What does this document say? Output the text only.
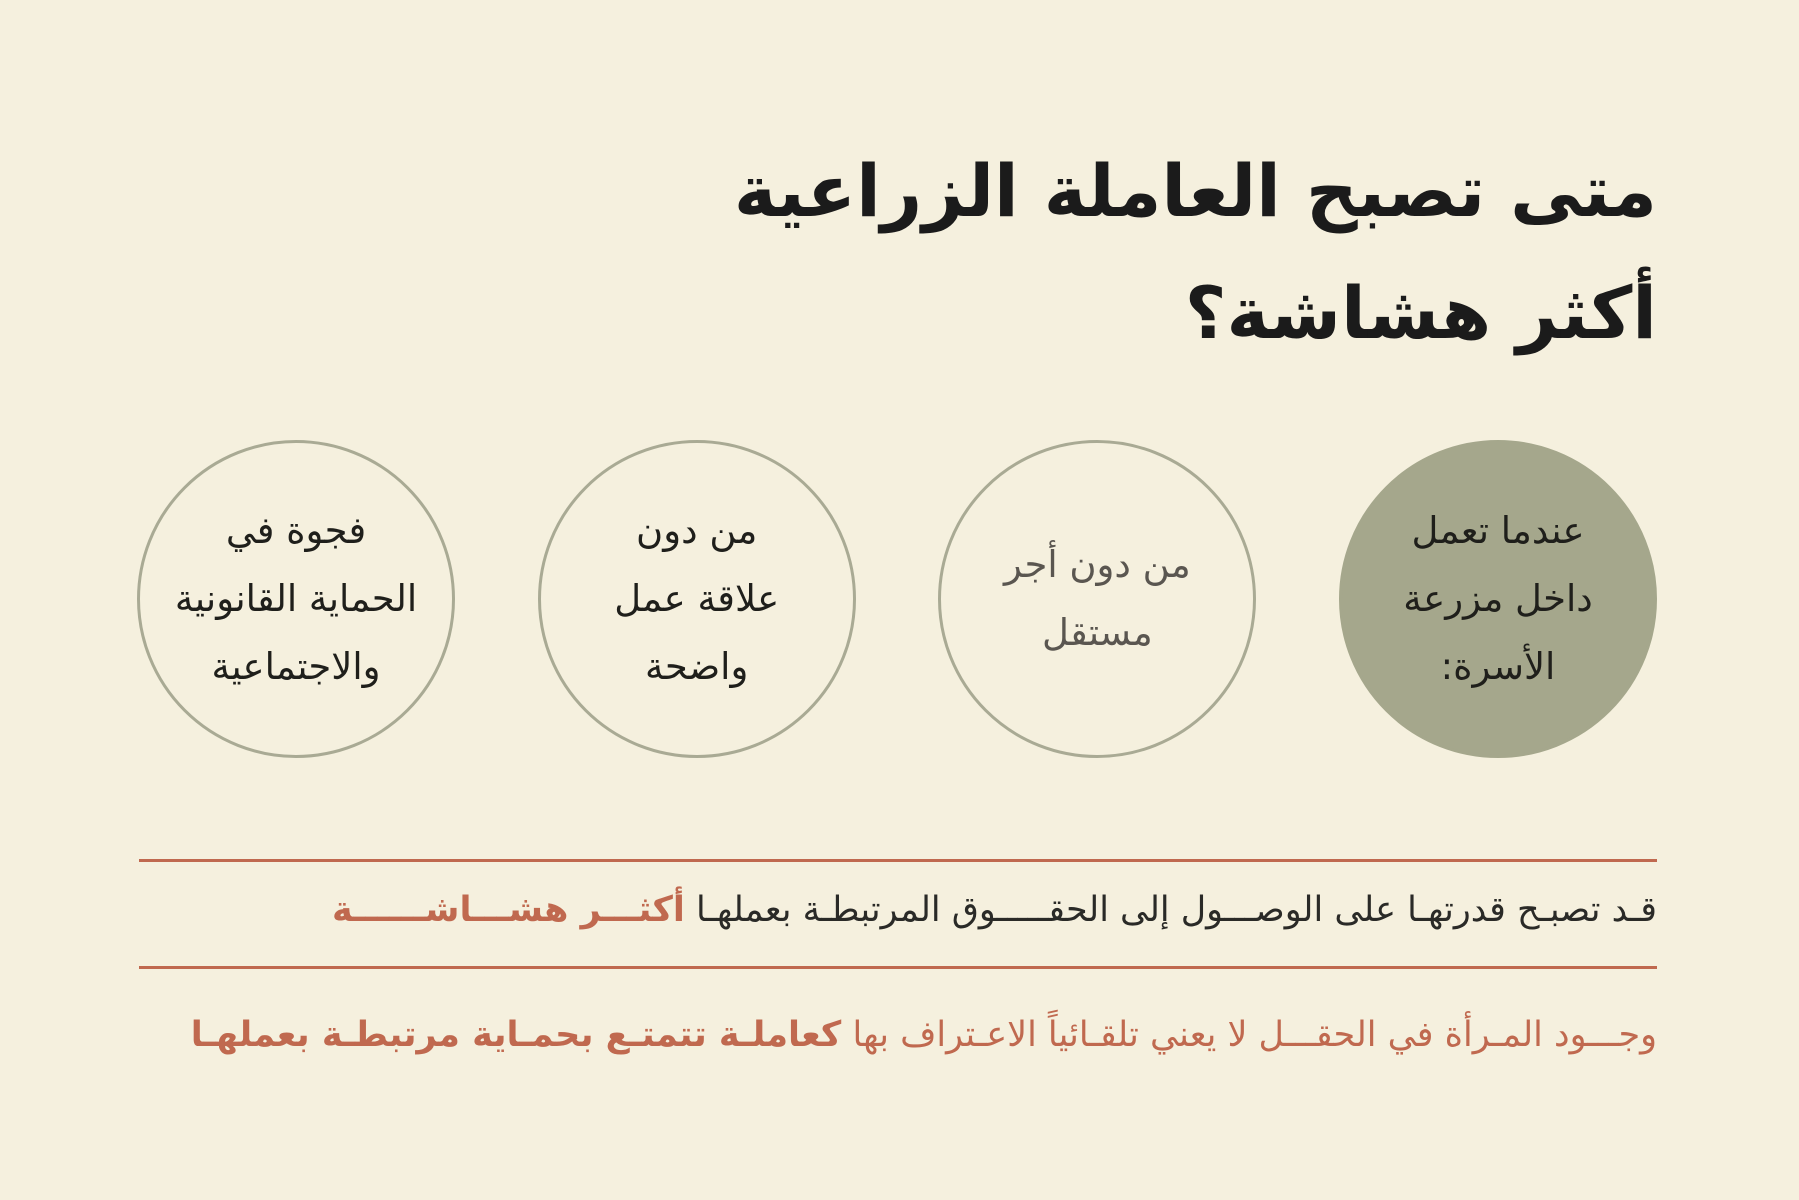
متى تصبح العاملة الزراعية
أكثر هشاشة؟
عندما تعمل
داخل مزرعة
الأسرة:
من دون أجر
مستقل
من دون
علاقة عمل
واضحة
فجوة في
الحماية القانونية
والاجتماعية

قـد تصبـح قدرتهـا على الوصـــول إلى الحقـــــوق المرتبطـة بعملهـا أكثـــر هشـــاشــــــة

وجـــود المـرأة في الحقـــل لا يعني تلقـائياً الاعـتراف بها كعاملـة تتمتـع بحمـاية مرتبطـة بعملهـا
